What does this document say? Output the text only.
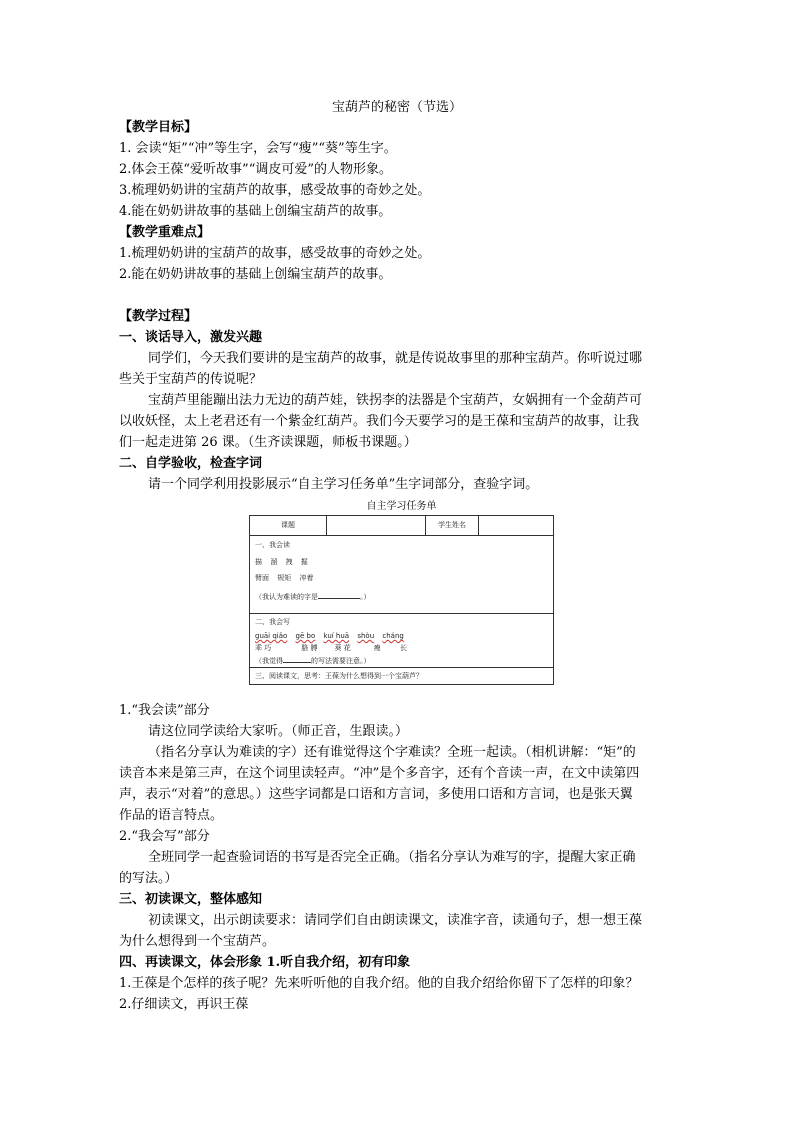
宝葫芦的秘密（节选）
【教学目标】
1. 会读“矩”“冲”等生字，会写“瘦”“葵”等生字。
2.体会王葆“爱听故事”“调皮可爱”的人物形象。
3.梳理奶奶讲的宝葫芦的故事，感受故事的奇妙之处。
4.能在奶奶讲故事的基础上创编宝葫芦的故事。
【教学重难点】
1.梳理奶奶讲的宝葫芦的故事，感受故事的奇妙之处。
2.能在奶奶讲故事的基础上创编宝葫芦的故事。
【教学过程】
一、谈话导入，激发兴趣
同学们，今天我们要讲的是宝葫芦的故事，就是传说故事里的那种宝葫芦。你听说过哪
些关于宝葫芦的传说呢？
宝葫芦里能蹦出法力无边的葫芦娃，铁拐李的法器是个宝葫芦，女娲拥有一个金葫芦可
以收妖怪，太上老君还有一个紫金红葫芦。我们今天要学习的是王葆和宝葫芦的故事，让我
们一起走进第 26 课。（生齐读课题，师板书课题。）
二、自学验收，检查字词
请一个同学利用投影展示“自主学习任务单”生字词部分，查验字词。
自主学习任务单
课题	学生姓名
一、我会读
描 溜 拽 掘
臂面 规矩 冲着
（我认为难读的字是	。）
二、我会写
guāi qiǎo gē bo kuí huā shòu cháng
乖 巧	胳 膊 葵 花	瘦	长
（我觉得	的写法需要注意。）
三、阅读课文，思考：王葆为什么想得到一个宝葫芦？
1.“我会读”部分
请这位同学读给大家听。（师正音，生跟读。）
（指名分享认为难读的字）还有谁觉得这个字难读？全班一起读。（相机讲解：“矩”的
读音本来是第三声，在这个词里读轻声。“冲”是个多音字，还有个音读一声，在文中读第四
声，表示“对着”的意思。）这些字词都是口语和方言词，多使用口语和方言词，也是张天翼
作品的语言特点。
2.“我会写”部分
全班同学一起查验词语的书写是否完全正确。（指名分享认为难写的字，提醒大家正确
的写法。）
三、初读课文，整体感知
初读课文，出示朗读要求：请同学们自由朗读课文，读准字音，读通句子，想一想王葆
为什么想得到一个宝葫芦。
四、再读课文，体会形象 1.听自我介绍，初有印象
1.王葆是个怎样的孩子呢？先来听听他的自我介绍。他的自我介绍给你留下了怎样的印象？
2.仔细读文，再识王葆
